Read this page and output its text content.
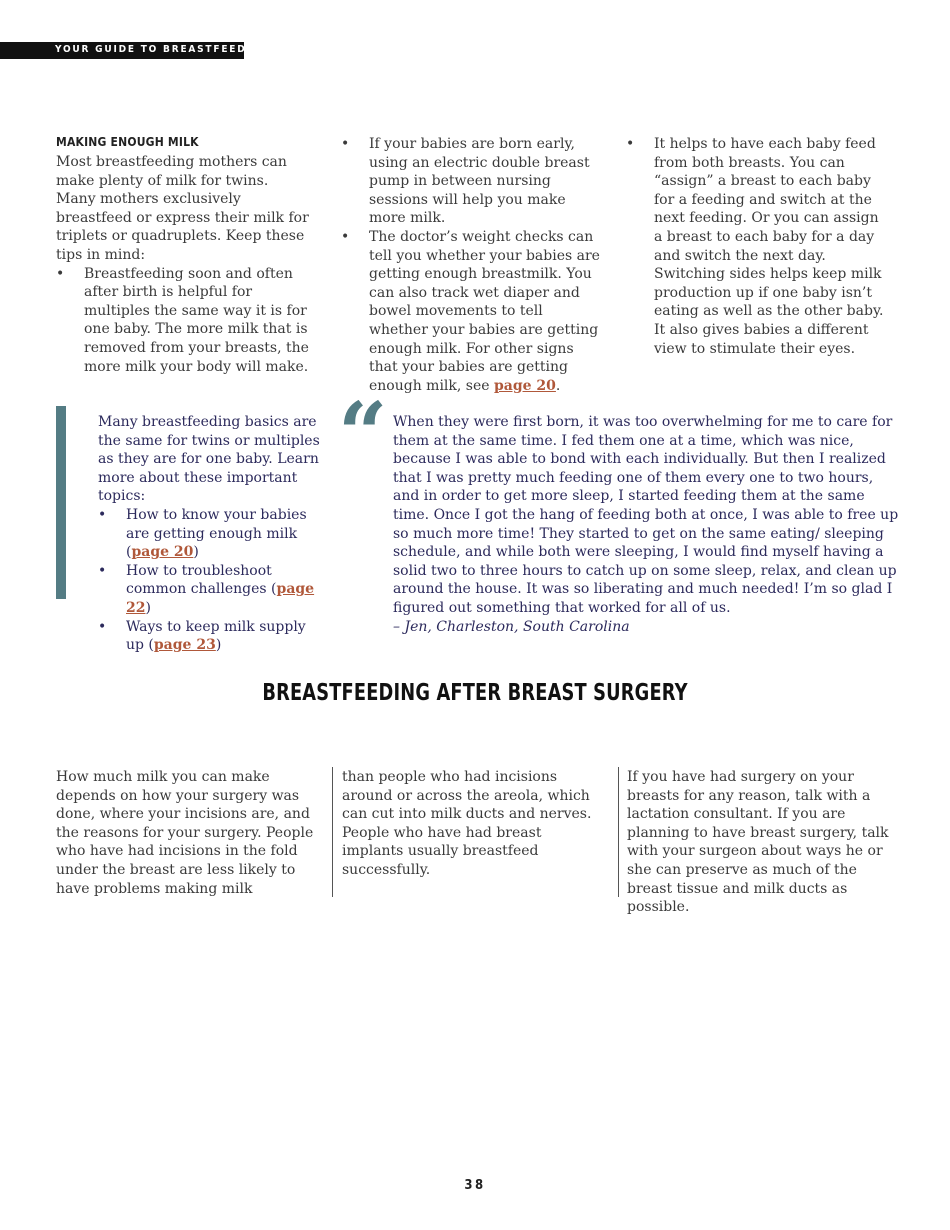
YOUR GUIDE TO BREASTFEEDING
MAKING ENOUGH MILK

Most breastfeeding mothers can make plenty of milk for twins. Many mothers exclusively breastfeed or express their milk for triplets or quadruplets. Keep these tips in mind:

• Breastfeeding soon and often after birth is helpful for multiples the same way it is for one baby. The more milk that is removed from your breasts, the more milk your body will make.
• If your babies are born early, using an electric double breast pump in between nursing sessions will help you make more milk.
• The doctor’s weight checks can tell you whether your babies are getting enough breastmilk. You can also track wet diaper and bowel movements to tell whether your babies are getting enough milk. For other signs that your babies are getting enough milk, see page 20.
• It helps to have each baby feed from both breasts. You can “assign” a breast to each baby for a feeding and switch at the next feeding. Or you can assign a breast to each baby for a day and switch the next day. Switching sides helps keep milk production up if one baby isn’t eating as well as the other baby. It also gives babies a different view to stimulate their eyes.

Many breastfeeding basics are the same for twins or multiples as they are for one baby. Learn more about these important topics:

• How to know your babies are getting enough milk (page 20)
• How to troubleshoot common challenges (page 22)
• Ways to keep milk supply up (page 23)
“ When they were first born, it was too overwhelming for me to care for them at the same time. I fed them one at a time, which was nice, because I was able to bond with each individually. But then I realized that I was pretty much feeding one of them every one to two hours, and in order to get more sleep, I started feeding them at the same time. Once I got the hang of feeding both at once, I was able to free up so much more time! They started to get on the same eating/ sleeping schedule, and while both were sleeping, I would find myself having a solid two to three hours to catch up on some sleep, relax, and clean up around the house. It was so liberating and much needed! I’m so glad I figured out something that worked for all of us.

– Jen, Charleston, South Carolina

BREASTFEEDING AFTER BREAST SURGERY
How much milk you can make depends on how your surgery was done, where your incisions are, and the reasons for your surgery. People who have had incisions in the fold under the breast are less likely to have problems making milk
than people who had incisions around or across the areola, which can cut into milk ducts and nerves. People who have had breast implants usually breastfeed successfully.
If you have had surgery on your breasts for any reason, talk with a lactation consultant. If you are planning to have breast surgery, talk with your surgeon about ways he or she can preserve as much of the breast tissue and milk ducts as possible.
38
